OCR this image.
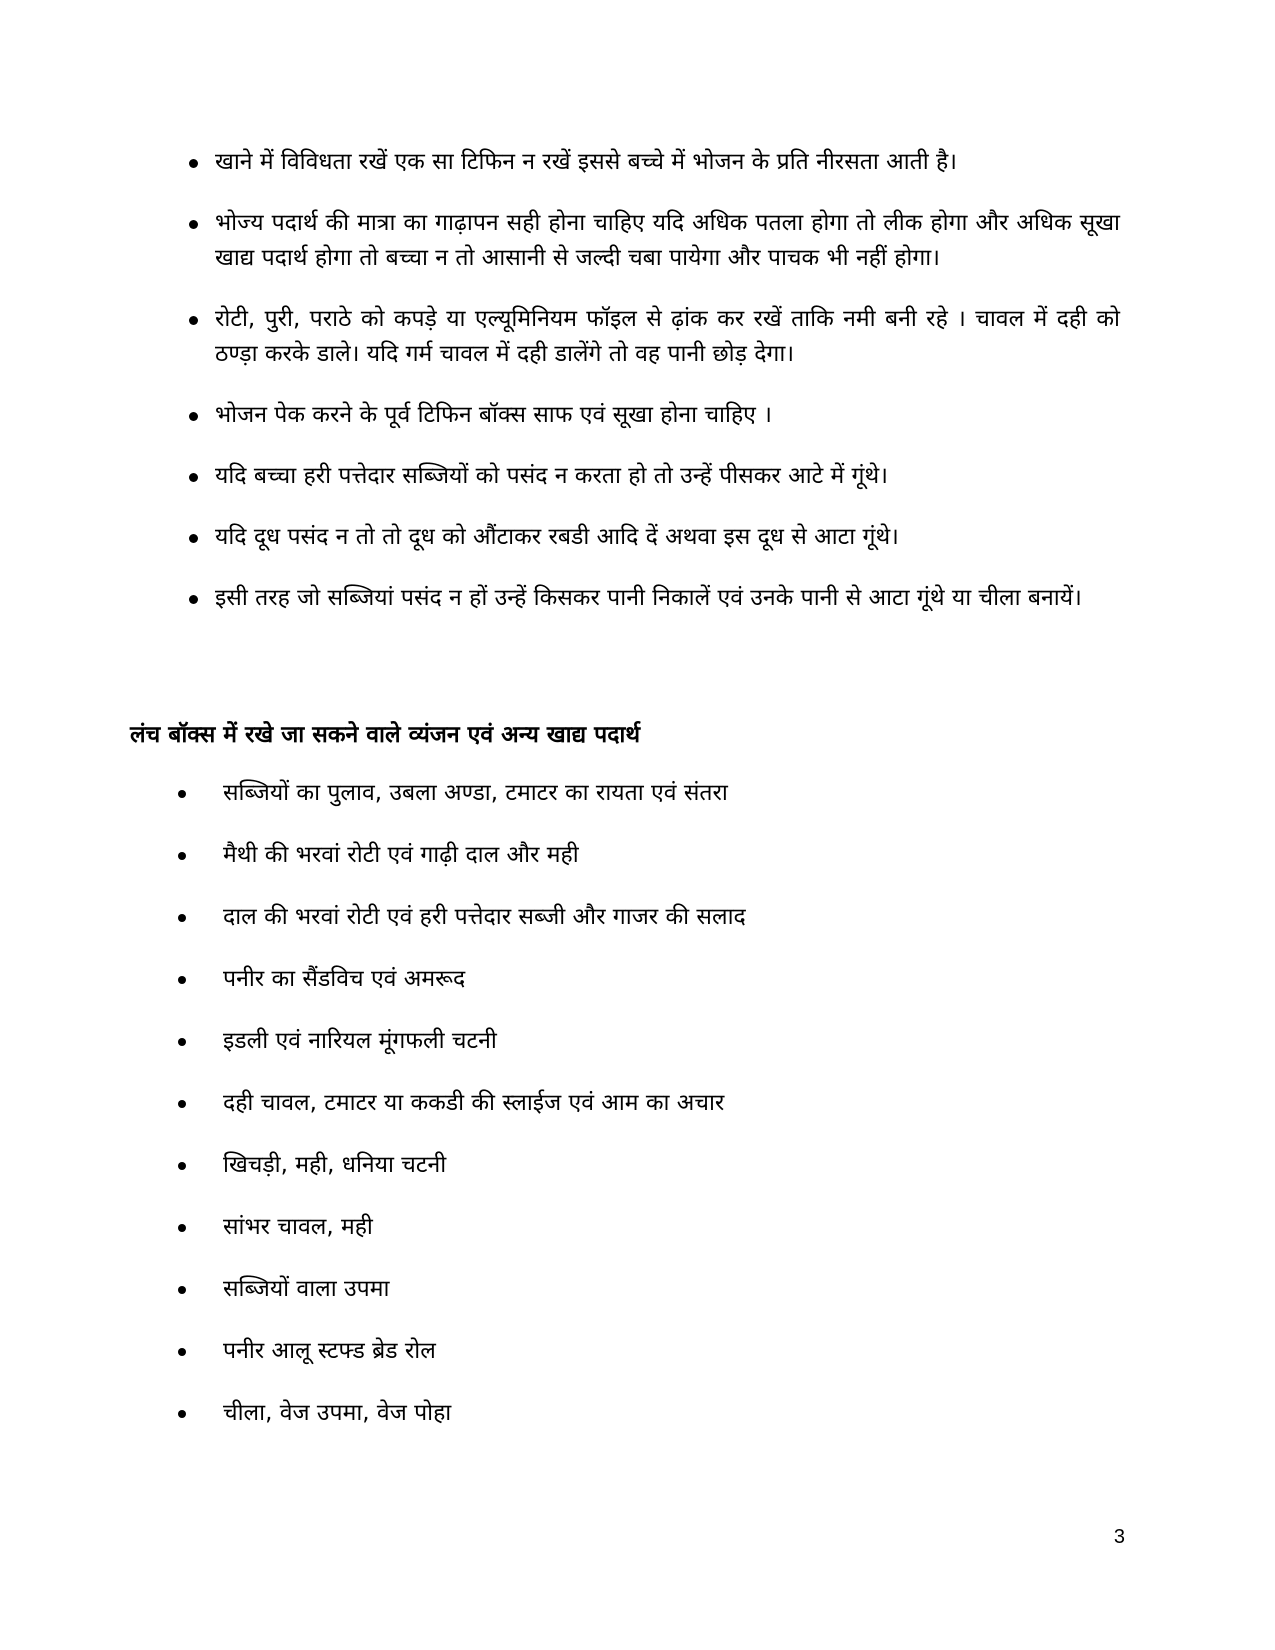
खाने में विविधता रखें एक सा टिफिन न रखें इससे बच्चे में भोजन के प्रति नीरसता आती है।
भोज्य पदार्थ की मात्रा का गाढ़ापन सही होना चाहिए यदि अधिक पतला होगा तो लीक होगा और अधिक सूखा खाद्य पदार्थ होगा तो बच्चा न तो आसानी से जल्दी चबा पायेगा और पाचक भी नहीं होगा।
रोटी, पुरी, पराठे को कपड़े या एल्यूमिनियम फॉइल से ढ़ांक कर रखें ताकि नमी बनी रहे । चावल में दही को ठण्ड़ा करके डाले। यदि गर्म चावल में दही डालेंगे तो वह पानी छोड़ देगा।
भोजन पेक करने के पूर्व टिफिन बॉक्स साफ एवं सूखा होना चाहिए ।
यदि बच्चा हरी पत्तेदार सब्जियों को पसंद न करता हो तो उन्हें पीसकर आटे में गूंथे।
यदि दूध पसंद न तो तो दूध को औंटाकर रबडी आदि दें अथवा इस दूध से आटा गूंथे।
इसी तरह जो सब्जियां पसंद न हों उन्हें किसकर पानी निकालें एवं उनके पानी से आटा गूंथे या चीला बनायें।
लंच बॉक्स में रखे जा सकने वाले व्यंजन एवं अन्य खाद्य पदार्थ
सब्जियों का पुलाव, उबला अण्डा, टमाटर का रायता एवं संतरा
मैथी की भरवां रोटी एवं गाढ़ी दाल और मही
दाल की भरवां रोटी एवं हरी पत्तेदार सब्जी और गाजर की सलाद
पनीर का सैंडविच एवं अमरूद
इडली एवं नारियल मूंगफली चटनी
दही चावल, टमाटर या ककडी की स्लाईज एवं आम का अचार
खिचड़ी, मही, धनिया चटनी
सांभर चावल, मही
सब्जियों वाला उपमा
पनीर आलू स्टफ्ड ब्रेड रोल
चीला, वेज उपमा, वेज पोहा
3
